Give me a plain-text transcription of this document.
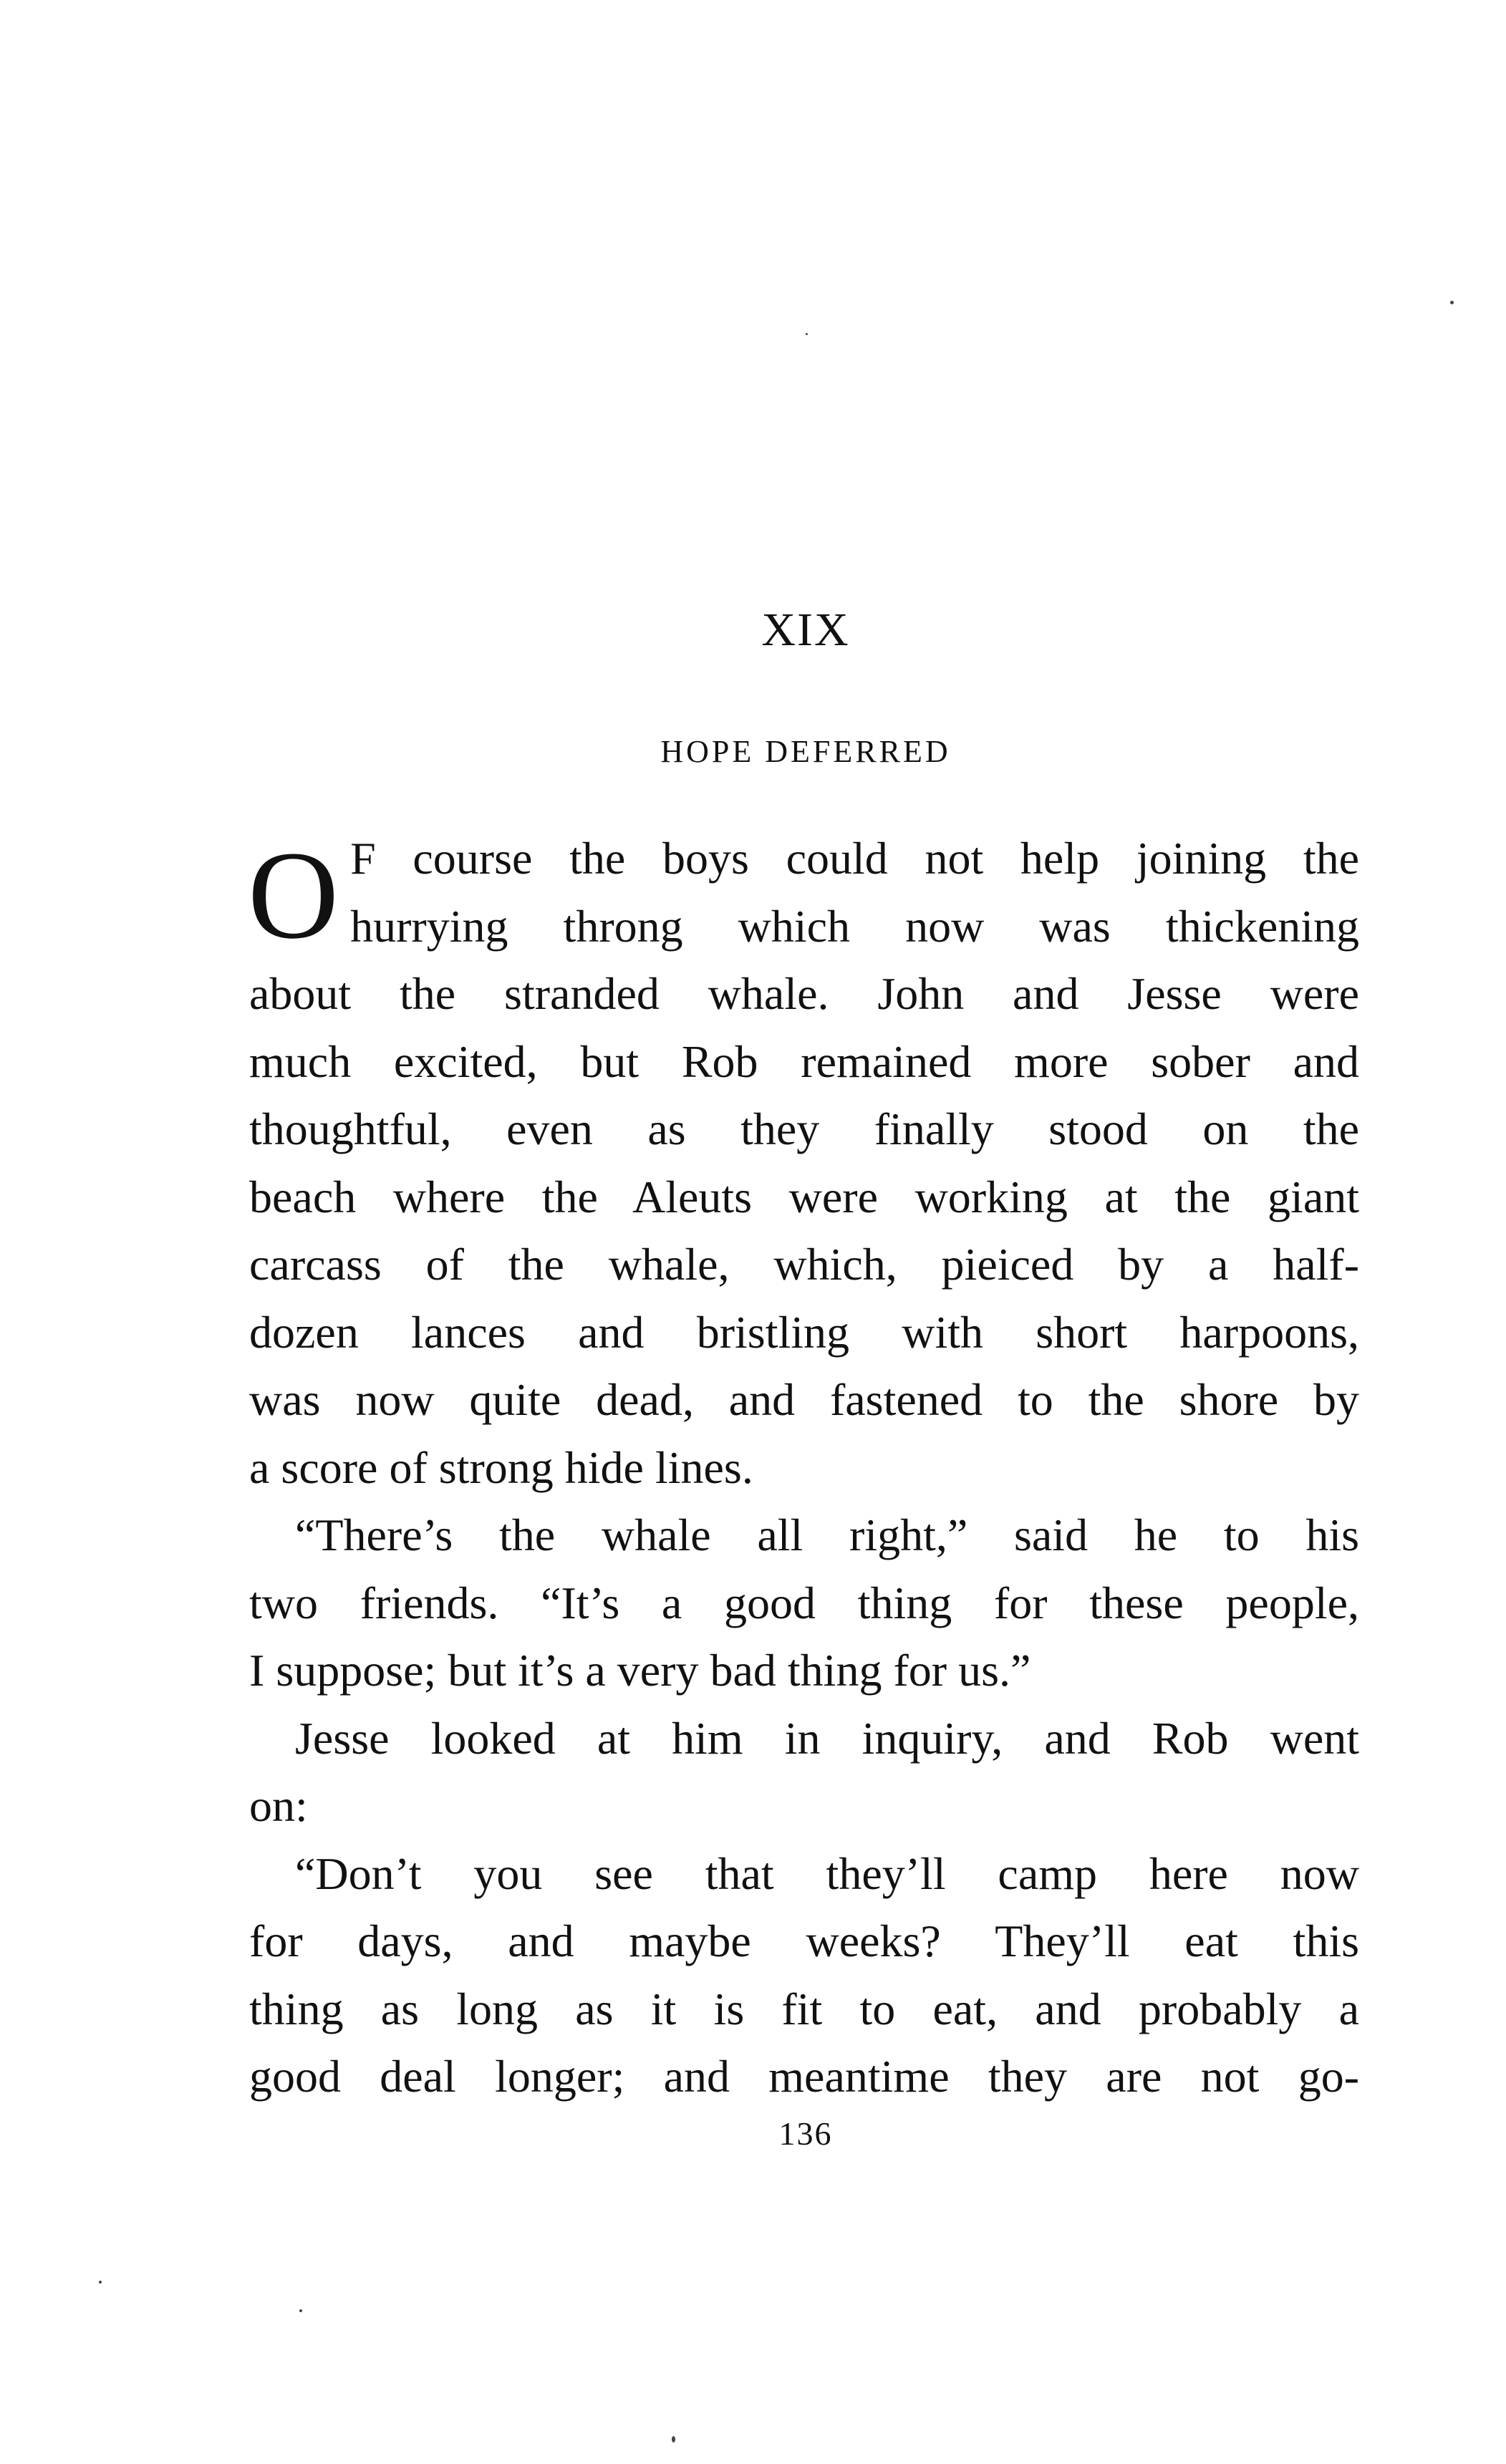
XIX
HOPE DEFERRED
O F course the boys could not help joining the

hurrying throng which now was thickening

about the stranded whale. John and Jesse were

much excited, but Rob remained more sober and

thoughtful, even as they finally stood on the

beach where the Aleuts were working at the giant

carcass of the whale, which, pieiced by a half-

dozen lances and bristling with short harpoons,

was now quite dead, and fastened to the shore by

a score of strong hide lines.

“There’s the whale all right,” said he to his

two friends. “It’s a good thing for these people,

I suppose; but it’s a very bad thing for us.”

Jesse looked at him in inquiry, and Rob went

on:

“Don’t you see that they’ll camp here now

for days, and maybe weeks? They’ll eat this

thing as long as it is fit to eat, and probably a

good deal longer; and meantime they are not go-

136
